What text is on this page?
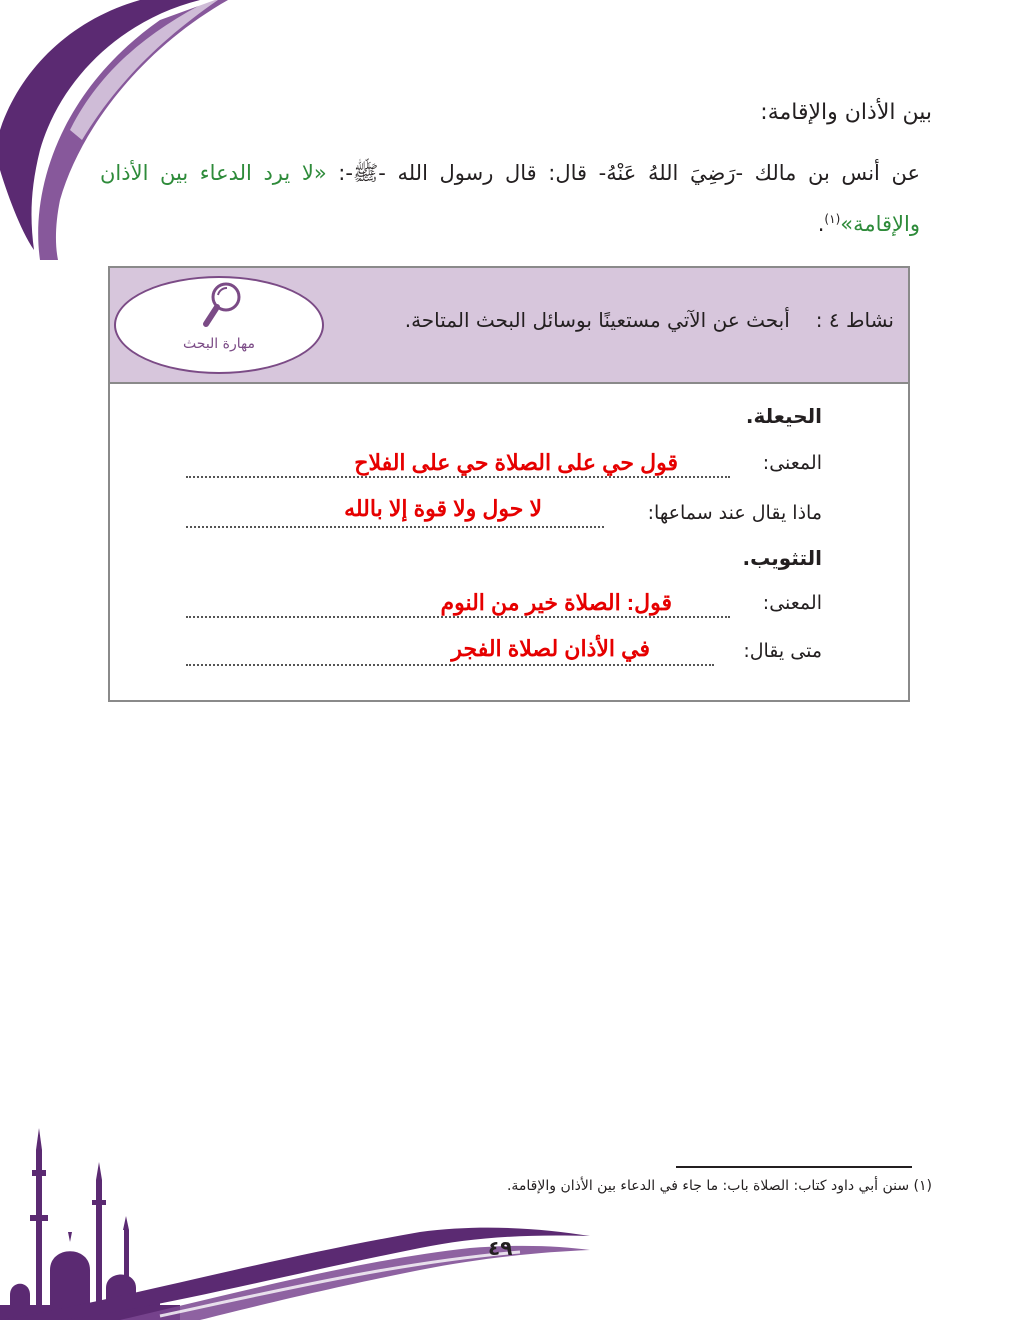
بين الأذان والإقامة:
عن أنس بن مالك -رَضِيَ اللهُ عَنْهُ- قال: قال رسول الله -ﷺ-: «لا يرد الدعاء بين الأذان والإقامة»$^{(١)}$.
نشاط ٤ :أبحث عن الآتي مستعينًا بوسائل البحث المتاحة.
مهارة البحث
الحيعلة.
المعنى:
قول حي على الصلاة حي على الفلاح
ماذا يقال عند سماعها:
لا حول ولا قوة إلا بالله
التثويب.
المعنى:
قول: الصلاة خير من النوم
متى يقال:
في الأذان لصلاة الفجر
(١) سنن أبي داود كتاب: الصلاة باب: ما جاء في الدعاء بين الأذان والإقامة.
٤٩
